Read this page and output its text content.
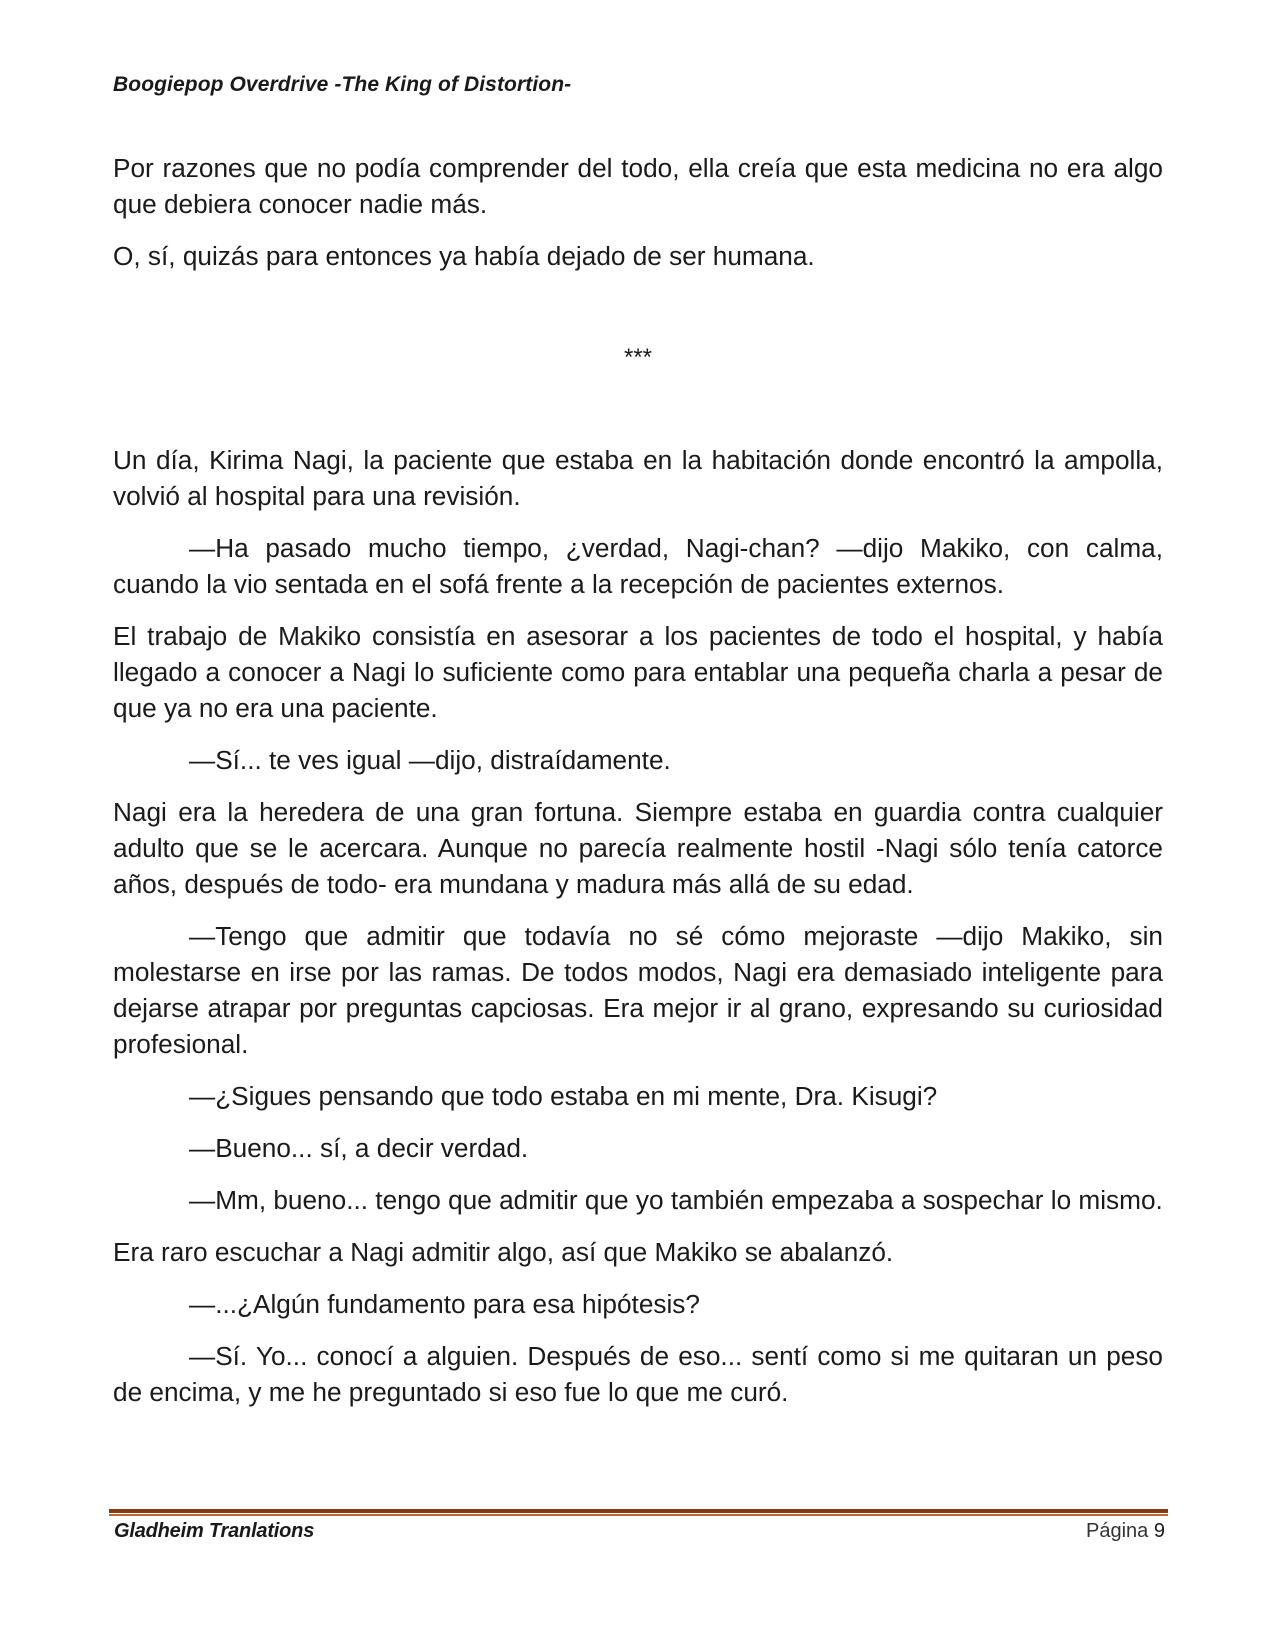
Boogiepop Overdrive -The King of Distortion-

Por razones que no podía comprender del todo, ella creía que esta medicina no era algo que debiera conocer nadie más.

O, sí, quizás para entonces ya había dejado de ser humana.

***

Un día, Kirima Nagi, la paciente que estaba en la habitación donde encontró la ampolla, volvió al hospital para una revisión.

—Ha pasado mucho tiempo, ¿verdad, Nagi-chan? —dijo Makiko, con calma, cuando la vio sentada en el sofá frente a la recepción de pacientes externos.

El trabajo de Makiko consistía en asesorar a los pacientes de todo el hospital, y había llegado a conocer a Nagi lo suficiente como para entablar una pequeña charla a pesar de que ya no era una paciente.

—Sí... te ves igual —dijo, distraídamente.

Nagi era la heredera de una gran fortuna. Siempre estaba en guardia contra cualquier adulto que se le acercara. Aunque no parecía realmente hostil -Nagi sólo tenía catorce años, después de todo- era mundana y madura más allá de su edad.

—Tengo que admitir que todavía no sé cómo mejoraste —dijo Makiko, sin molestarse en irse por las ramas. De todos modos, Nagi era demasiado inteligente para dejarse atrapar por preguntas capciosas. Era mejor ir al grano, expresando su curiosidad profesional.

—¿Sigues pensando que todo estaba en mi mente, Dra. Kisugi?

—Bueno... sí, a decir verdad.

—Mm, bueno... tengo que admitir que yo también empezaba a sospechar lo mismo.

Era raro escuchar a Nagi admitir algo, así que Makiko se abalanzó.

—...¿Algún fundamento para esa hipótesis?

—Sí. Yo... conocí a alguien. Después de eso... sentí como si me quitaran un peso de encima, y me he preguntado si eso fue lo que me curó.

Gladheim Tranlations	Página 9
